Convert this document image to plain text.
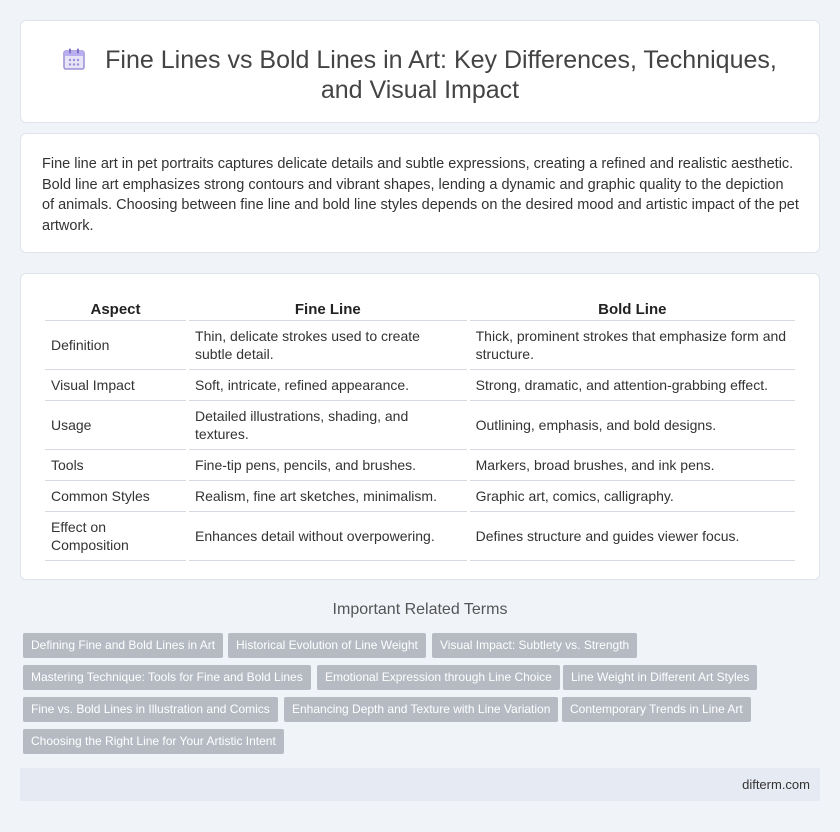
Fine Lines vs Bold Lines in Art: Key Differences, Techniques, and Visual Impact

Fine line art in pet portraits captures delicate details and subtle expressions, creating a refined and realistic aesthetic. Bold line art emphasizes strong contours and vibrant shapes, lending a dynamic and graphic quality to the depiction of animals. Choosing between fine line and bold line styles depends on the desired mood and artistic impact of the pet artwork.

Aspect	Fine Line	Bold Line
Definition	Thin, delicate strokes used to create subtle detail.	Thick, prominent strokes that emphasize form and structure.
Visual Impact	Soft, intricate, refined appearance.	Strong, dramatic, and attention-grabbing effect.
Usage	Detailed illustrations, shading, and textures.	Outlining, emphasis, and bold designs.
Tools	Fine-tip pens, pencils, and brushes.	Markers, broad brushes, and ink pens.
Common Styles	Realism, fine art sketches, minimalism.	Graphic art, comics, calligraphy.
Effect on Composition	Enhances detail without overpowering.	Defines structure and guides viewer focus.
Important Related Terms
Defining Fine and Bold Lines in Art	Historical Evolution of Line Weight	Visual Impact: Subtlety vs. Strength
Mastering Technique: Tools for Fine and Bold Lines	Emotional Expression through Line Choice	Line Weight in Different Art Styles
Fine vs. Bold Lines in Illustration and Comics	Enhancing Depth and Texture with Line Variation	Contemporary Trends in Line Art
Choosing the Right Line for Your Artistic Intent
difterm.com
